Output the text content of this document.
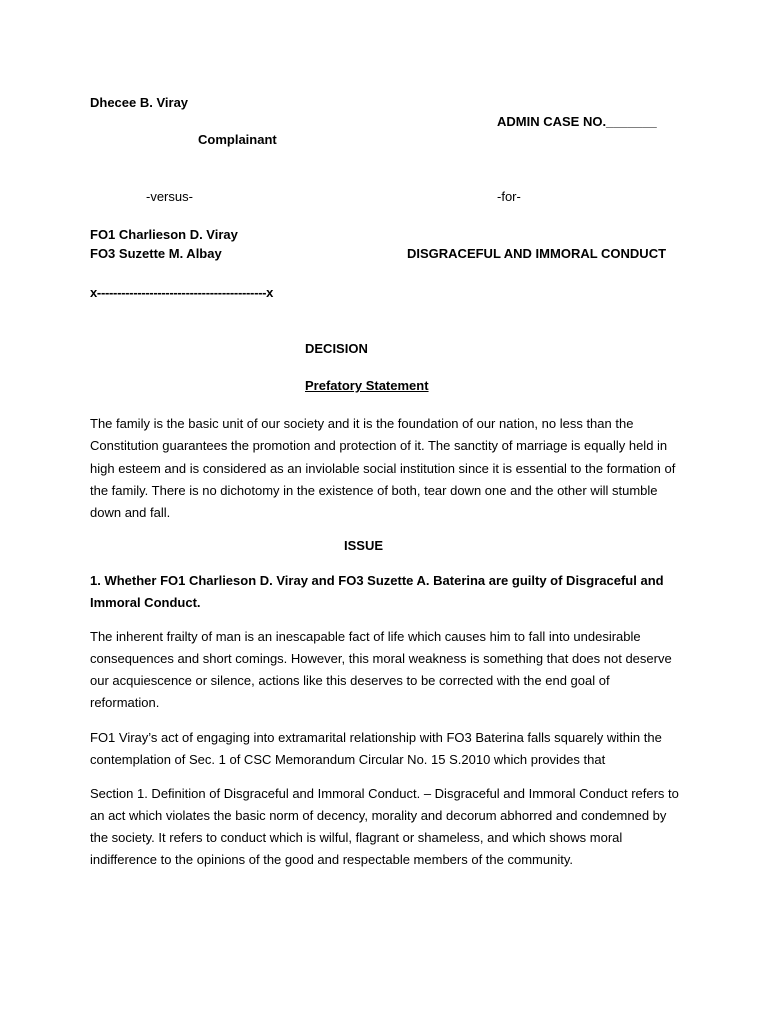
Dhecee B. Viray
ADMIN CASE NO._______
Complainant
-versus-	-for-
FO1 Charlieson D. Viray
FO3 Suzette M. Albay	DISGRACEFUL AND IMMORAL CONDUCT
x------------------------------------------x
DECISION
Prefatory Statement
The family is the basic unit of our society and it is the foundation of our nation, no less than the Constitution guarantees the promotion and protection of it. The sanctity of marriage is equally held in high esteem and is considered as an inviolable social institution since it is essential to the formation of the family. There is no dichotomy in the existence of both, tear down one and the other will stumble down and fall.
ISSUE
1. Whether FO1 Charlieson D. Viray and FO3 Suzette A. Baterina are guilty of Disgraceful and Immoral Conduct.
The inherent frailty of man is an inescapable fact of life which causes him to fall into undesirable consequences and short comings. However, this moral weakness is something that does not deserve our acquiescence or silence, actions like this deserves to be corrected with the end goal of reformation.
FO1 Viray’s act of engaging into extramarital relationship with FO3 Baterina falls squarely within the contemplation of Sec. 1 of CSC Memorandum Circular No. 15 S.2010 which provides that
Section 1. Definition of Disgraceful and Immoral Conduct. – Disgraceful and Immoral Conduct refers to an act which violates the basic norm of decency, morality and decorum abhorred and condemned by the society. It refers to conduct which is wilful, flagrant or shameless, and which shows moral indifference to the opinions of the good and respectable members of the community.
